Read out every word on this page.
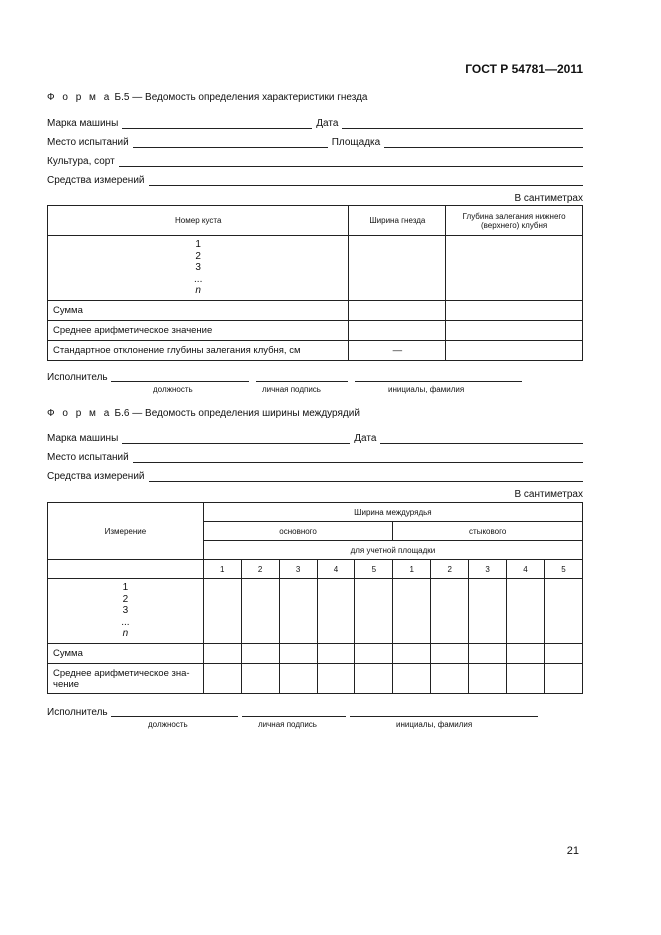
ГОСТ Р 54781—2011
Ф о р м а Б.5 — Ведомость определения характеристики гнезда
Марка машины	Дата
Место испытаний	Площадка
Культура, сорт
Средства измерений
В сантиметрах
Номер куста	Ширина гнезда	Глубина залегания нижнего (верхнего) клубня

1
2
3
...
n		

Сумма		
Среднее арифметическое значение		
Стандартное отклонение глубины залегания клубня, см	—	
Исполнитель
должность	личная подпись	инициалы, фамилия
Ф о р м а Б.6 — Ведомость определения ширины междурядий
Марка машины	Дата
Место испытаний
Средства измерений
В сантиметрах
Измерение	Ширина междурядья									
	основного					стыкового				
	для учетной площадки									
	1	2	3	4	5	1	2	3	4	5

1
2
3
...
n										

Сумма										
Среднее арифметическое зна-чение										
Исполнитель
должность	личная подпись	инициалы, фамилия
21
